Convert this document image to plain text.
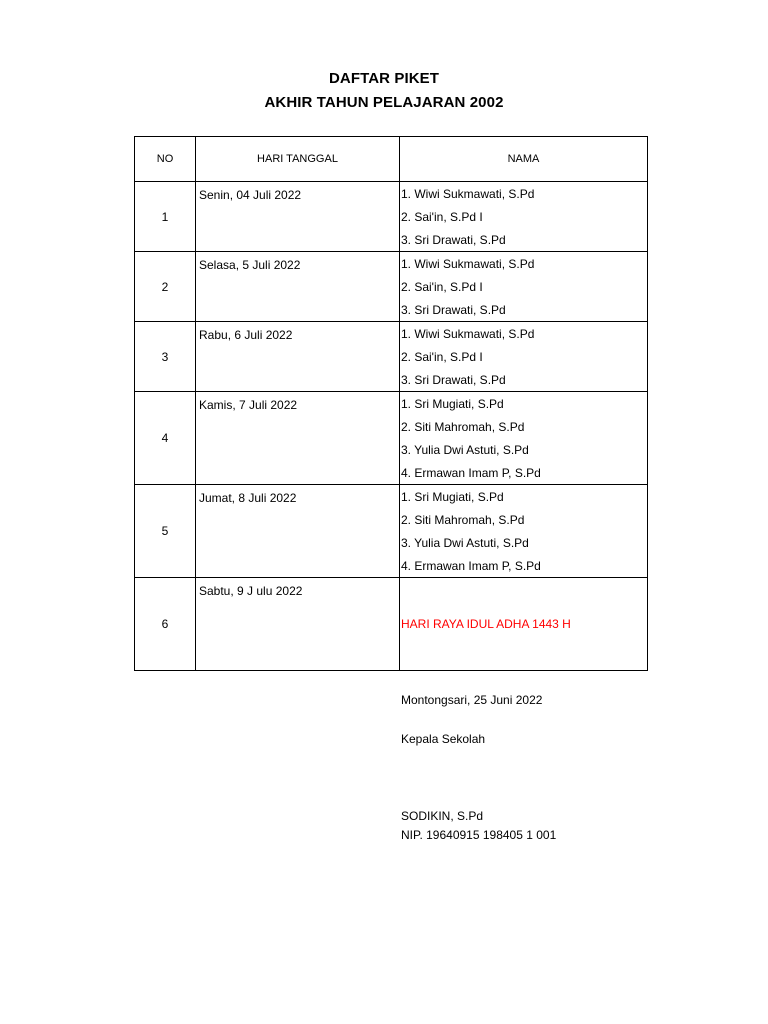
DAFTAR PIKET
AKHIR TAHUN PELAJARAN 2002
NO	HARI TANGGAL	NAMA
1	Senin, 04 Juli 2022	1. Wiwi Sukmawati, S.Pd
2. Sai'in, S.Pd I
3. Sri Drawati, S.Pd

2	Selasa, 5 Juli 2022	1. Wiwi Sukmawati, S.Pd
2. Sai'in, S.Pd I
3. Sri Drawati, S.Pd

3	Rabu, 6 Juli 2022	1. Wiwi Sukmawati, S.Pd
2. Sai'in, S.Pd I
3. Sri Drawati, S.Pd

4	Kamis, 7 Juli 2022	1. Sri Mugiati, S.Pd
2. Siti Mahromah, S.Pd
3. Yulia Dwi Astuti, S.Pd
4. Ermawan Imam P, S.Pd

5	Jumat, 8 Juli 2022	1. Sri Mugiati, S.Pd
2. Siti Mahromah, S.Pd
3. Yulia Dwi Astuti, S.Pd
4. Ermawan Imam P, S.Pd

6	Sabtu, 9 J ulu 2022	HARI RAYA IDUL ADHA 1443 H
Montongsari, 25 Juni 2022
Kepala Sekolah
SODIKIN, S.Pd
NIP. 19640915 198405 1 001
